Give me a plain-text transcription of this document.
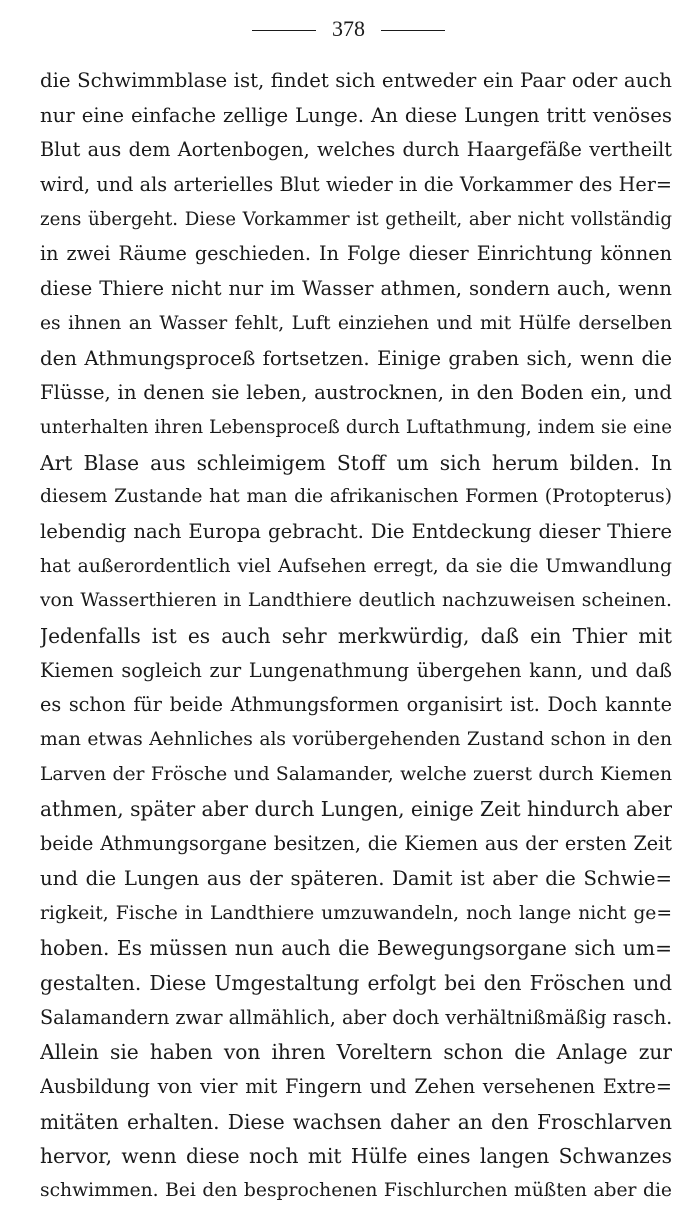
378
die Schwimmblase ist, findet sich entweder ein Paar oder auch
nur eine einfache zellige Lunge. An diese Lungen tritt venöses
Blut aus dem Aortenbogen, welches durch Haargefäße vertheilt
wird, und als arterielles Blut wieder in die Vorkammer des Her=
zens übergeht. Diese Vorkammer ist getheilt, aber nicht vollständig
in zwei Räume geschieden. In Folge dieser Einrichtung können
diese Thiere nicht nur im Wasser athmen, sondern auch, wenn
es ihnen an Wasser fehlt, Luft einziehen und mit Hülfe derselben
den Athmungsproceß fortsetzen. Einige graben sich, wenn die
Flüsse, in denen sie leben, austrocknen, in den Boden ein, und
unterhalten ihren Lebensproceß durch Luftathmung, indem sie eine
Art Blase aus schleimigem Stoff um sich herum bilden. In
diesem Zustande hat man die afrikanischen Formen (Protopterus)
lebendig nach Europa gebracht. Die Entdeckung dieser Thiere
hat außerordentlich viel Aufsehen erregt, da sie die Umwandlung
von Wasserthieren in Landthiere deutlich nachzuweisen scheinen.
Jedenfalls ist es auch sehr merkwürdig, daß ein Thier mit
Kiemen sogleich zur Lungenathmung übergehen kann, und daß
es schon für beide Athmungsformen organisirt ist. Doch kannte
man etwas Aehnliches als vorübergehenden Zustand schon in den
Larven der Frösche und Salamander, welche zuerst durch Kiemen
athmen, später aber durch Lungen, einige Zeit hindurch aber
beide Athmungsorgane besitzen, die Kiemen aus der ersten Zeit
und die Lungen aus der späteren. Damit ist aber die Schwie=
rigkeit, Fische in Landthiere umzuwandeln, noch lange nicht ge=
hoben. Es müssen nun auch die Bewegungsorgane sich um=
gestalten. Diese Umgestaltung erfolgt bei den Fröschen und
Salamandern zwar allmählich, aber doch verhältnißmäßig rasch.
Allein sie haben von ihren Voreltern schon die Anlage zur
Ausbildung von vier mit Fingern und Zehen versehenen Extre=
mitäten erhalten. Diese wachsen daher an den Froschlarven
hervor, wenn diese noch mit Hülfe eines langen Schwanzes
schwimmen. Bei den besprochenen Fischlurchen müßten aber die
